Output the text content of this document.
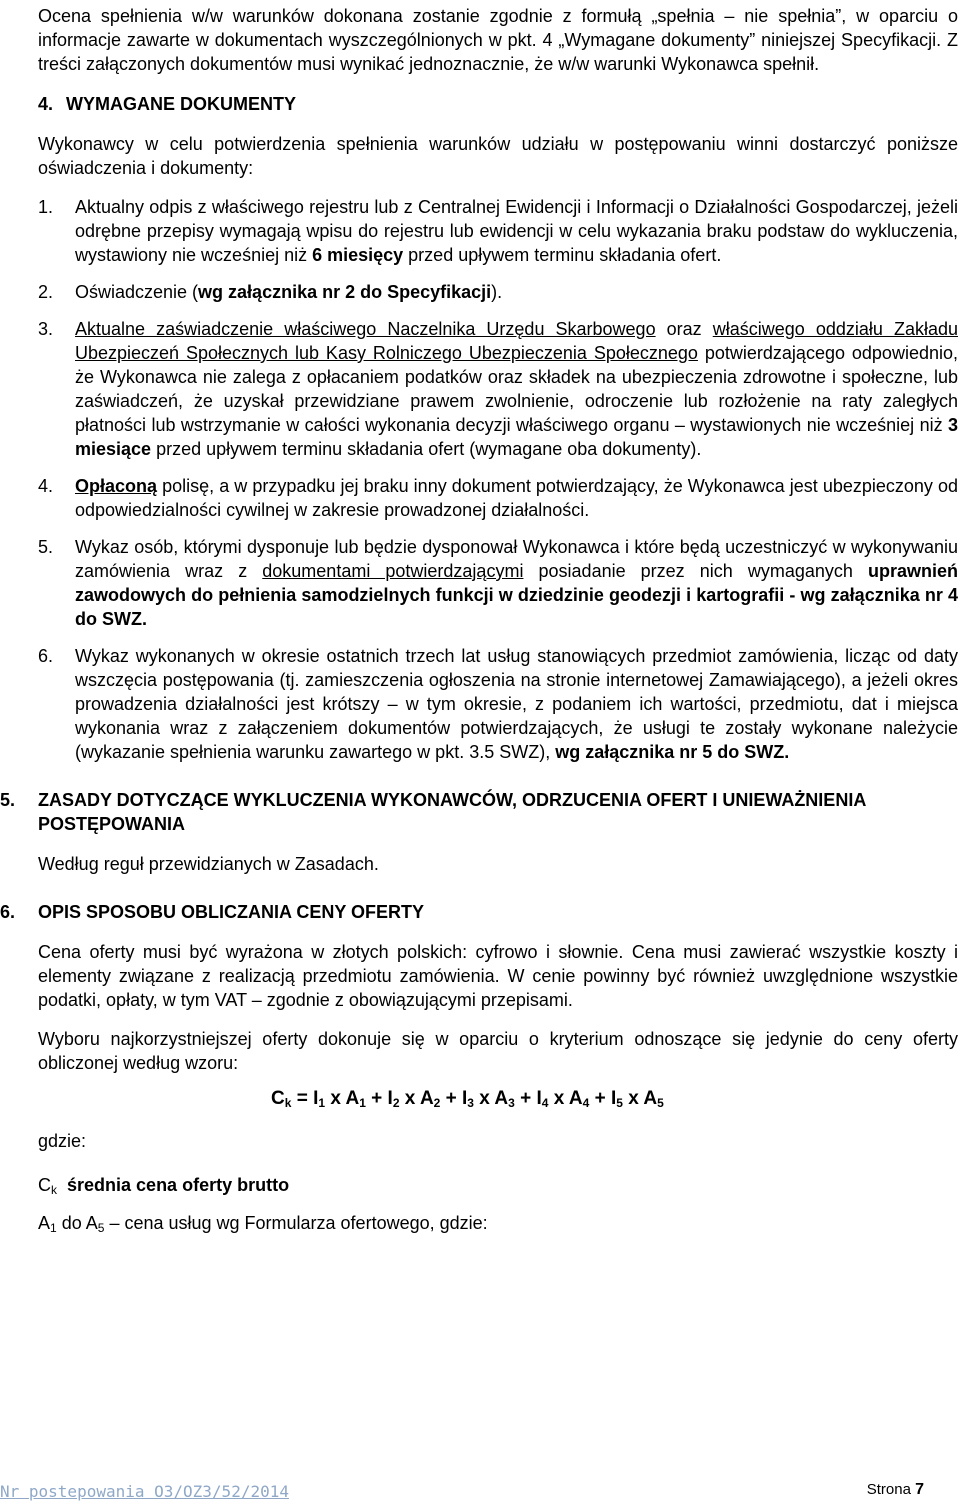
Ocena spełnienia w/w warunków dokonana zostanie zgodnie z formułą „spełnia – nie spełnia”, w oparciu o informacje zawarte w dokumentach wyszczególnionych w pkt. 4 „Wymagane dokumenty” niniejszej Specyfikacji. Z treści załączonych dokumentów musi wynikać jednoznacznie, że w/w warunki Wykonawca spełnił.

4. WYMAGANE DOKUMENTY

Wykonawcy w celu potwierdzenia spełnienia warunków udziału w postępowaniu winni dostarczyć poniższe oświadczenia i dokumenty:

1.	Aktualny odpis z właściwego rejestru lub z Centralnej Ewidencji i Informacji o Działalności Gospodarczej, jeżeli odrębne przepisy wymagają wpisu do rejestru lub ewidencji w celu wykazania braku podstaw do wykluczenia, wystawiony nie wcześniej niż 6 miesięcy przed upływem terminu składania ofert.
2.	Oświadczenie (wg załącznika nr 2 do Specyfikacji).
3.	Aktualne zaświadczenie właściwego Naczelnika Urzędu Skarbowego oraz właściwego oddziału Zakładu Ubezpieczeń Społecznych lub Kasy Rolniczego Ubezpieczenia Społecznego potwierdzającego odpowiednio, że Wykonawca nie zalega z opłacaniem podatków oraz składek na ubezpieczenia zdrowotne i społeczne, lub zaświadczeń, że uzyskał przewidziane prawem zwolnienie, odroczenie lub rozłożenie na raty zaległych płatności lub wstrzymanie w całości wykonania decyzji właściwego organu – wystawionych nie wcześniej niż 3 miesiące przed upływem terminu składania ofert (wymagane oba dokumenty).
4.	Opłaconą polisę, a w przypadku jej braku inny dokument potwierdzający, że Wykonawca jest ubezpieczony od odpowiedzialności cywilnej w zakresie prowadzonej działalności.
5.	Wykaz osób, którymi dysponuje lub będzie dysponował Wykonawca i które będą uczestniczyć w wykonywaniu zamówienia wraz z dokumentami potwierdzającymi posiadanie przez nich wymaganych uprawnień zawodowych do pełnienia samodzielnych funkcji w dziedzinie geodezji i kartografii - wg załącznika nr 4 do SWZ.
6.	Wykaz wykonanych w okresie ostatnich trzech lat usług stanowiących przedmiot zamówienia, licząc od daty wszczęcia postępowania (tj. zamieszczenia ogłoszenia na stronie internetowej Zamawiającego), a jeżeli okres prowadzenia działalności jest krótszy – w tym okresie, z podaniem ich wartości, przedmiotu, dat i miejsca wykonania wraz z załączeniem dokumentów potwierdzających, że usługi te zostały wykonane należycie (wykazanie spełnienia warunku zawartego w pkt. 3.5 SWZ), wg załącznika nr 5 do SWZ.
5.	ZASADY DOTYCZĄCE WYKLUCZENIA WYKONAWCÓW, ODRZUCENIA OFERT I UNIEWAŻNIENIA POSTĘPOWANIA

Według reguł przewidzianych w Zasadach.

6.	OPIS SPOSOBU OBLICZANIA CENY OFERTY

Cena oferty musi być wyrażona w złotych polskich: cyfrowo i słownie. Cena musi zawierać wszystkie koszty i elementy związane z realizacją przedmiotu zamówienia. W cenie powinny być również uwzględnione wszystkie podatki, opłaty, w tym VAT – zgodnie z obowiązującymi przepisami.

Wyboru najkorzystniejszej oferty dokonuje się w oparciu o kryterium odnoszące się jedynie do ceny oferty obliczonej według wzoru:

$C_k = I_1$ x $A_1 + I_2$ x $A_2 + I_3$ x $A_3 + I_4$ x $A_4 + I_5$ x $A_5$

gdzie:

$C_k$ średnia cena oferty brutto

$A_1$ do $A_5$ – cena usług wg Formularza ofertowego, gdzie:

Nr postepowania O3/OZ3/52/2014	Strona 7
